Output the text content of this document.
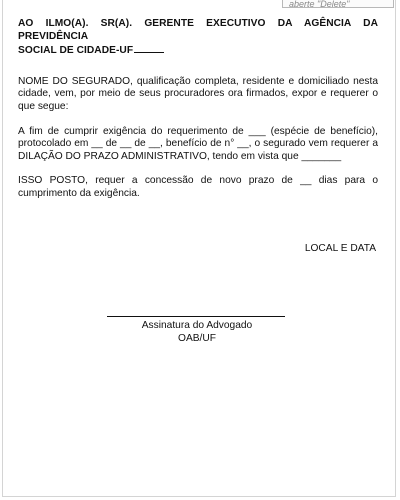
aberte "Delete"

AO ILMO(A). SR(A). GERENTE EXECUTIVO DA AGÊNCIA DA PREVIDÊNCIA
SOCIAL DE CIDADE-UF

NOME DO SEGURADO, qualificação completa, residente e domiciliado nesta cidade, vem, por meio de seus procuradores ora firmados, expor e requerer o que segue:

A fim de cumprir exigência do requerimento de ___ (espécie de benefício), protocolado em __ de __ de __, benefício de n° __, o segurado vem requerer a DILAÇÃO DO PRAZO ADMINISTRATIVO, tendo em vista que _______

ISSO POSTO, requer a concessão de novo prazo de __ dias para o cumprimento da exigência.

LOCAL E DATA
Assinatura do Advogado
OAB/UF
